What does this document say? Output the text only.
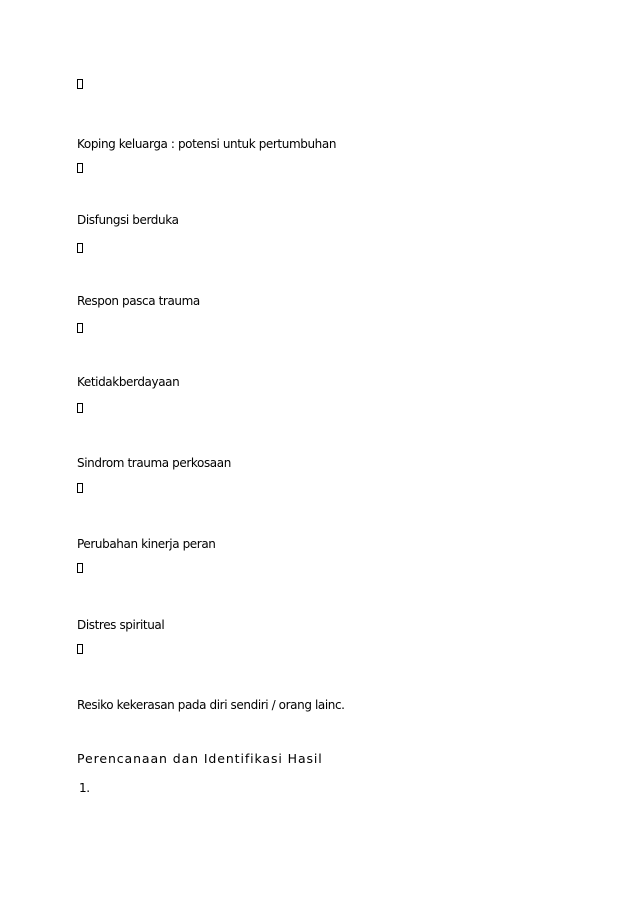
Koping keluarga : potensi untuk pertumbuhan
Disfungsi berduka
Respon pasca trauma
Ketidakberdayaan
Sindrom trauma perkosaan
Perubahan kinerja peran
Distres spiritual
Resiko kekerasan pada diri sendiri / orang lainc.
Perencanaan dan Identifikasi Hasil
1.
